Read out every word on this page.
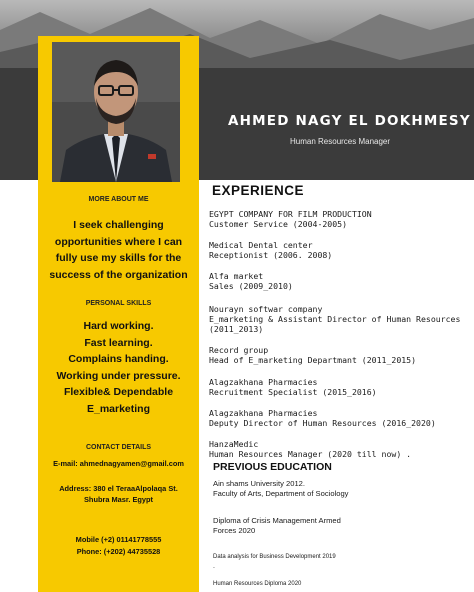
AHMED NAGY EL DOKHMESY
Human Resources Manager
MORE ABOUT ME
I seek challenging
opportunities where I can
fully use my skills for the
success of the organization
PERSONAL SKILLS
Hard working.
Fast learning.
Complains handing.
Working under pressure.
Flexible& Dependable
E_marketing
CONTACT DETAILS
E-mail: ahmednagyamen@gmail.com
Address: 380 el TeraaAlpolaqa St.
Shubra Masr. Egypt
Mobile (+2) 01141778555
Phone: (+202) 44735528
EXPERIENCE
EGYPT COMPANY FOR FILM PRODUCTION
Customer Service (2004-2005)
Medical Dental center
Receptionist (2006. 2008)
Alfa market
Sales (2009_2010)
Nourayn softwar company
E_marketing & Assistant Director of Human Resources
(2011_2013)
Record group
Head of E_marketing Departmant (2011_2015)
Alagzakhana Pharmacies
Recruitment Specialist (2015_2016)
Alagzakhana Pharmacies
Deputy Director of Human Resources (2016_2020)
HanzaMedic
Human Resources Manager (2020 till now) .
PREVIOUS EDUCATION
Ain shams University 2012.
Faculty of Arts, Department of Sociology
Diploma of Crisis Management Armed
Forces 2020
Data analysis for Business Development 2019
.
Human Resources Diploma 2020
